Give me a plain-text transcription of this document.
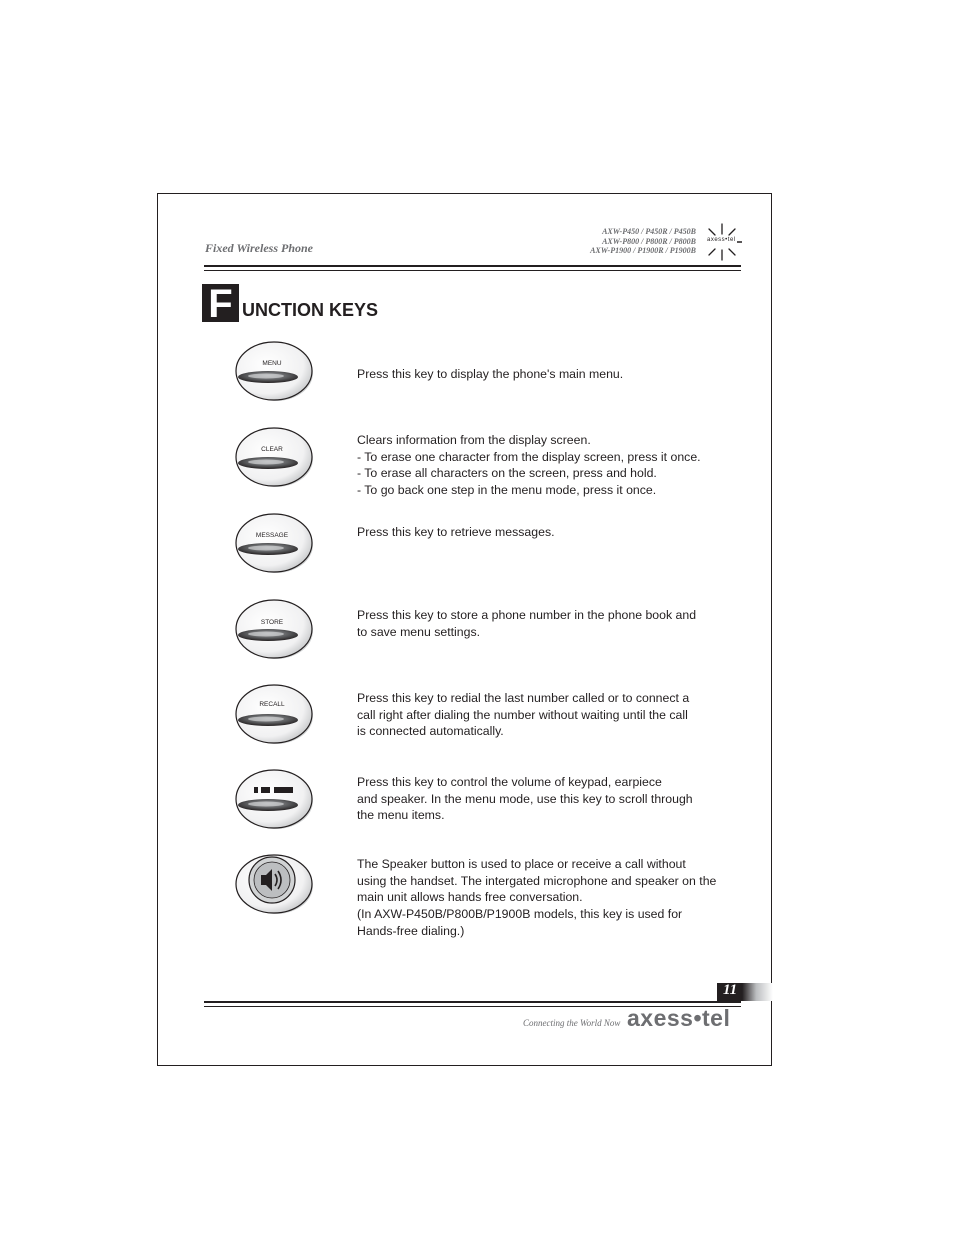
Fixed Wireless Phone
AXW-P450 / P450R / P450B
AXW-P800 / P800R / P800B
AXW-P1900 / P1900R / P1900B
axess•tel
F UNCTION KEYS
MENU
Press this key to display the phone's main menu.
CLEAR
Clears information from the display screen.
- To erase one character from the display screen, press it once.
- To erase all characters on the screen, press and hold.
- To go back one step in the menu mode, press it once.
MESSAGE	Press this key to retrieve messages.
STORE
Press this key to store a phone number in the phone book and
to save menu settings.
RECALL	Press this key to redial the last number called or to connect a
call right after dialing the number without waiting until the call
is connected automatically.
Press this key to control the volume of keypad, earpiece
and speaker. In the menu mode, use this key to scroll through
the menu items.
The Speaker button is used to place or receive a call without
using the handset. The intergated microphone and speaker on the
main unit allows hands free conversation.
(In AXW-P450B/P800B/P1900B models, this key is used for
Hands-free dialing.)
11
Connecting the World Now axess•tel
